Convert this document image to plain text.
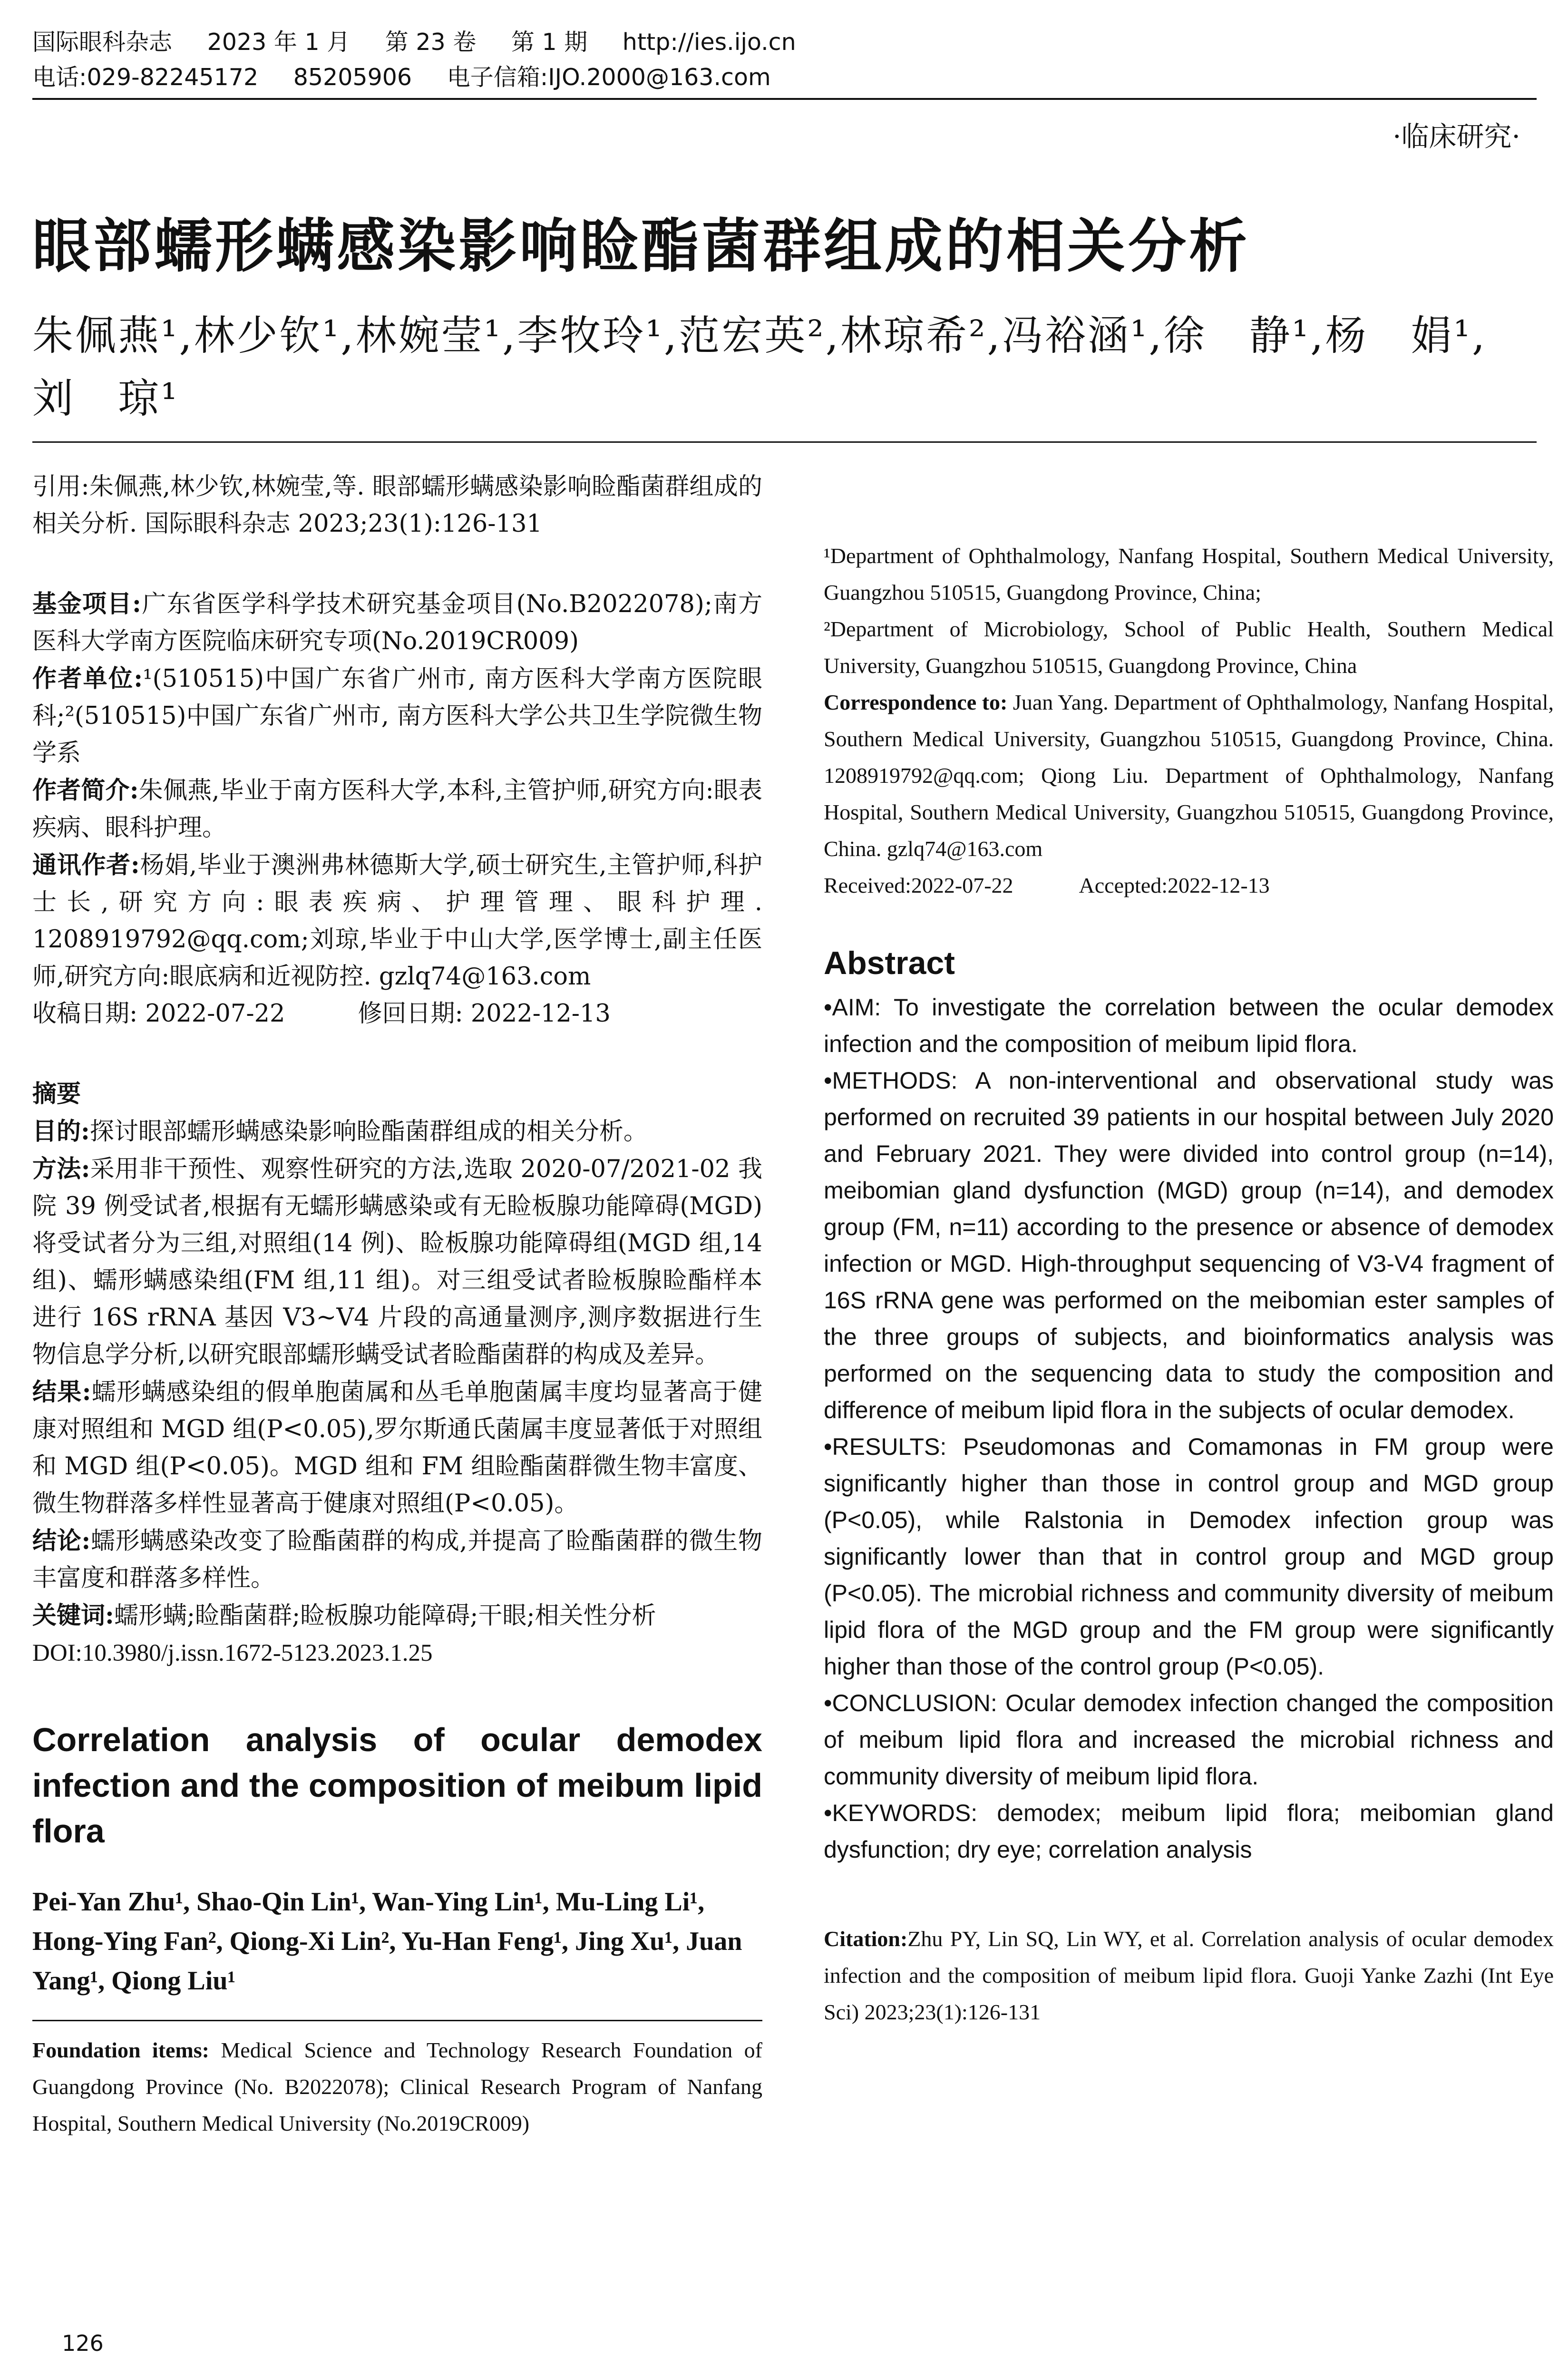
国际眼科杂志 2023 年 1 月 第 23 卷 第 1 期 http://ies.ijo.cn
电话:029-82245172 85205906 电子信箱:IJO.2000@163.com
·临床研究·
眼部蠕形螨感染影响睑酯菌群组成的相关分析
朱佩燕¹,林少钦¹,林婉莹¹,李牧玲¹,范宏英²,林琼希²,冯裕涵¹,徐　静¹,杨　娟¹,
刘　琼¹

引用:朱佩燕,林少钦,林婉莹,等. 眼部蠕形螨感染影响睑酯菌群组成的相关分析. 国际眼科杂志 2023;23(1):126-131

基金项目:广东省医学科学技术研究基金项目(No.B2022078);南方医科大学南方医院临床研究专项(No.2019CR009)

作者单位:¹(510515)中国广东省广州市, 南方医科大学南方医院眼科;²(510515)中国广东省广州市, 南方医科大学公共卫生学院微生物学系

作者简介:朱佩燕,毕业于南方医科大学,本科,主管护师,研究方向:眼表疾病、眼科护理。

通讯作者:杨娟,毕业于澳洲弗林德斯大学,硕士研究生,主管护师,科护士长,研究方向:眼表疾病、护理管理、眼科护理. 1208919792@qq.com;刘琼,毕业于中山大学,医学博士,副主任医师,研究方向:眼底病和近视防控. gzlq74@163.com

收稿日期: 2022-07-22　　　修回日期: 2022-12-13

摘要

目的:探讨眼部蠕形螨感染影响睑酯菌群组成的相关分析。

方法:采用非干预性、观察性研究的方法,选取 2020-07/2021-02 我院 39 例受试者,根据有无蠕形螨感染或有无睑板腺功能障碍(MGD)将受试者分为三组,对照组(14 例)、睑板腺功能障碍组(MGD 组,14 组)、蠕形螨感染组(FM 组,11 组)。对三组受试者睑板腺睑酯样本进行 16S rRNA 基因 V3~V4 片段的高通量测序,测序数据进行生物信息学分析,以研究眼部蠕形螨受试者睑酯菌群的构成及差异。

结果:蠕形螨感染组的假单胞菌属和丛毛单胞菌属丰度均显著高于健康对照组和 MGD 组(P<0.05),罗尔斯通氏菌属丰度显著低于对照组和 MGD 组(P<0.05)。MGD 组和 FM 组睑酯菌群微生物丰富度、微生物群落多样性显著高于健康对照组(P<0.05)。

结论:蠕形螨感染改变了睑酯菌群的构成,并提高了睑酯菌群的微生物丰富度和群落多样性。

关键词:蠕形螨;睑酯菌群;睑板腺功能障碍;干眼;相关性分析

DOI:10.3980/j.issn.1672-5123.2023.1.25

Correlation analysis of ocular demodex infection and the composition of meibum lipid flora
Pei-Yan Zhu¹, Shao-Qin Lin¹, Wan-Ying Lin¹, Mu-Ling Li¹, Hong-Ying Fan², Qiong-Xi Lin², Yu-Han Feng¹, Jing Xu¹, Juan Yang¹, Qiong Liu¹

Foundation items: Medical Science and Technology Research Foundation of Guangdong Province (No. B2022078); Clinical Research Program of Nanfang Hospital, Southern Medical University (No.2019CR009)

¹Department of Ophthalmology, Nanfang Hospital, Southern Medical University, Guangzhou 510515, Guangdong Province, China;

²Department of Microbiology, School of Public Health, Southern Medical University, Guangzhou 510515, Guangdong Province, China

Correspondence to: Juan Yang. Department of Ophthalmology, Nanfang Hospital, Southern Medical University, Guangzhou 510515, Guangdong Province, China. 1208919792@qq.com; Qiong Liu. Department of Ophthalmology, Nanfang Hospital, Southern Medical University, Guangzhou 510515, Guangdong Province, China. gzlq74@163.com

Received:2022-07-22　　　Accepted:2022-12-13

Abstract

•AIM: To investigate the correlation between the ocular demodex infection and the composition of meibum lipid flora.

•METHODS: A non-interventional and observational study was performed on recruited 39 patients in our hospital between July 2020 and February 2021. They were divided into control group (n=14), meibomian gland dysfunction (MGD) group (n=14), and demodex group (FM, n=11) according to the presence or absence of demodex infection or MGD. High-throughput sequencing of V3-V4 fragment of 16S rRNA gene was performed on the meibomian ester samples of the three groups of subjects, and bioinformatics analysis was performed on the sequencing data to study the composition and difference of meibum lipid flora in the subjects of ocular demodex.

•RESULTS: Pseudomonas and Comamonas in FM group were significantly higher than those in control group and MGD group (P<0.05), while Ralstonia in Demodex infection group was significantly lower than that in control group and MGD group (P<0.05). The microbial richness and community diversity of meibum lipid flora of the MGD group and the FM group were significantly higher than those of the control group (P<0.05).

•CONCLUSION: Ocular demodex infection changed the composition of meibum lipid flora and increased the microbial richness and community diversity of meibum lipid flora.

•KEYWORDS: demodex; meibum lipid flora; meibomian gland dysfunction; dry eye; correlation analysis

Citation:Zhu PY, Lin SQ, Lin WY, et al. Correlation analysis of ocular demodex infection and the composition of meibum lipid flora. Guoji Yanke Zazhi (Int Eye Sci) 2023;23(1):126-131

126
